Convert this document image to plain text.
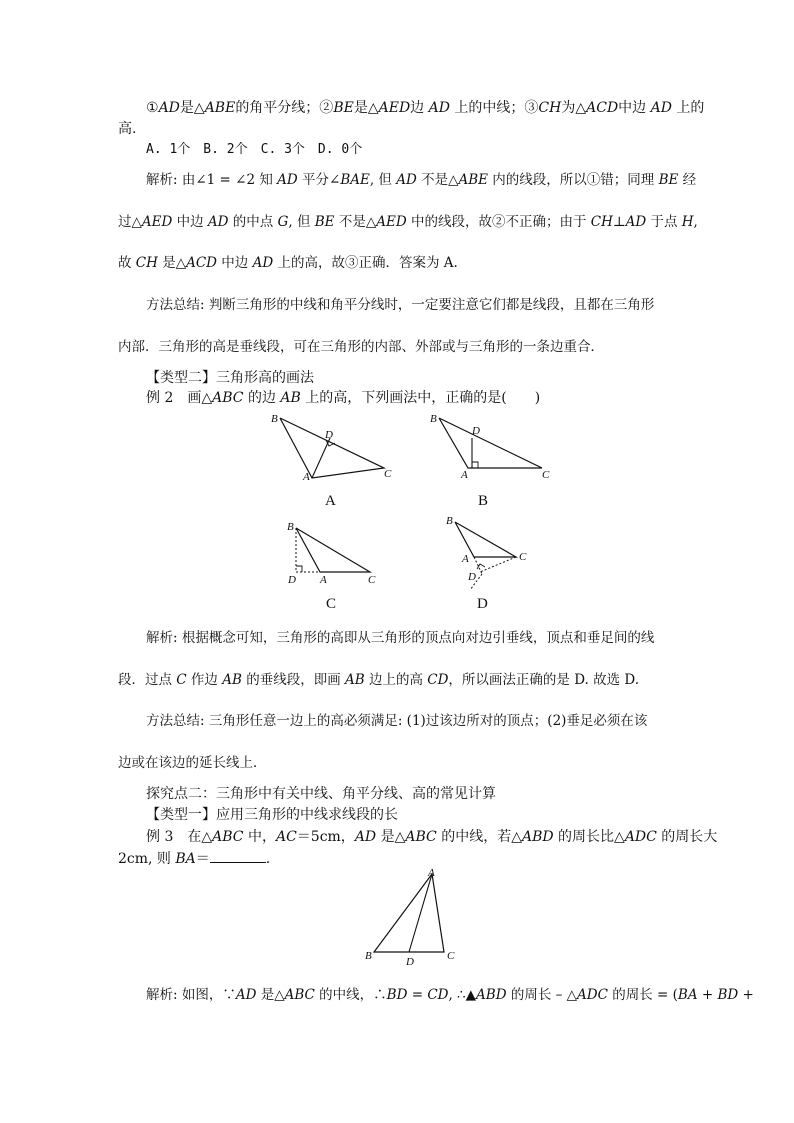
①AD是△ABE的角平分线；②BE是△AED边 AD 上的中线；③CH为△ACD中边 AD 上的
高.
A. 1个　B. 2个　C. 3个　D. 0个
解析: 由∠1 = ∠2 知 AD 平分∠BAE, 但 AD 不是△ABE 内的线段，所以①错；同理 BE 经
过△AED 中边 AD 的中点 G, 但 BE 不是△AED 中的线段，故②不正确；由于 CH⊥AD 于点 H,
故 CH 是△ACD 中边 AD 上的高，故③正确．答案为 A.
方法总结: 判断三角形的中线和角平分线时，一定要注意它们都是线段，且都在三角形
内部．三角形的高是垂线段，可在三角形的内部、外部或与三角形的一条边重合．
【类型二】三角形高的画法
例 2　画△ABC 的边 AB 上的高，下列画法中，正确的是(　　)
B
A	C
D
A
B
A	C
D
B
B
D A	C
C
B
A	C
D
D
解析: 根据概念可知，三角形的高即从三角形的顶点向对边引垂线，顶点和垂足间的线
段．过点 C 作边 AB 的垂线段，即画 AB 边上的高 CD，所以画法正确的是 D. 故选 D.
方法总结: 三角形任意一边上的高必须满足: (1)过该边所对的顶点；(2)垂足必须在该
边或在该边的延长线上．
探究点二：三角形中有关中线、角平分线、高的常见计算
【类型一】应用三角形的中线求线段的长
例 3　在△ABC 中，AC＝5cm，AD 是△ABC 的中线，若△ABD 的周长比△ADC 的周长大
2cm, 则 BA＝	.
A
B	C
D
解析: 如图，∵AD 是△ABC 的中线，∴BD = CD, ∴▲ABD 的周长 – △ADC 的周长 = (BA + BD +
